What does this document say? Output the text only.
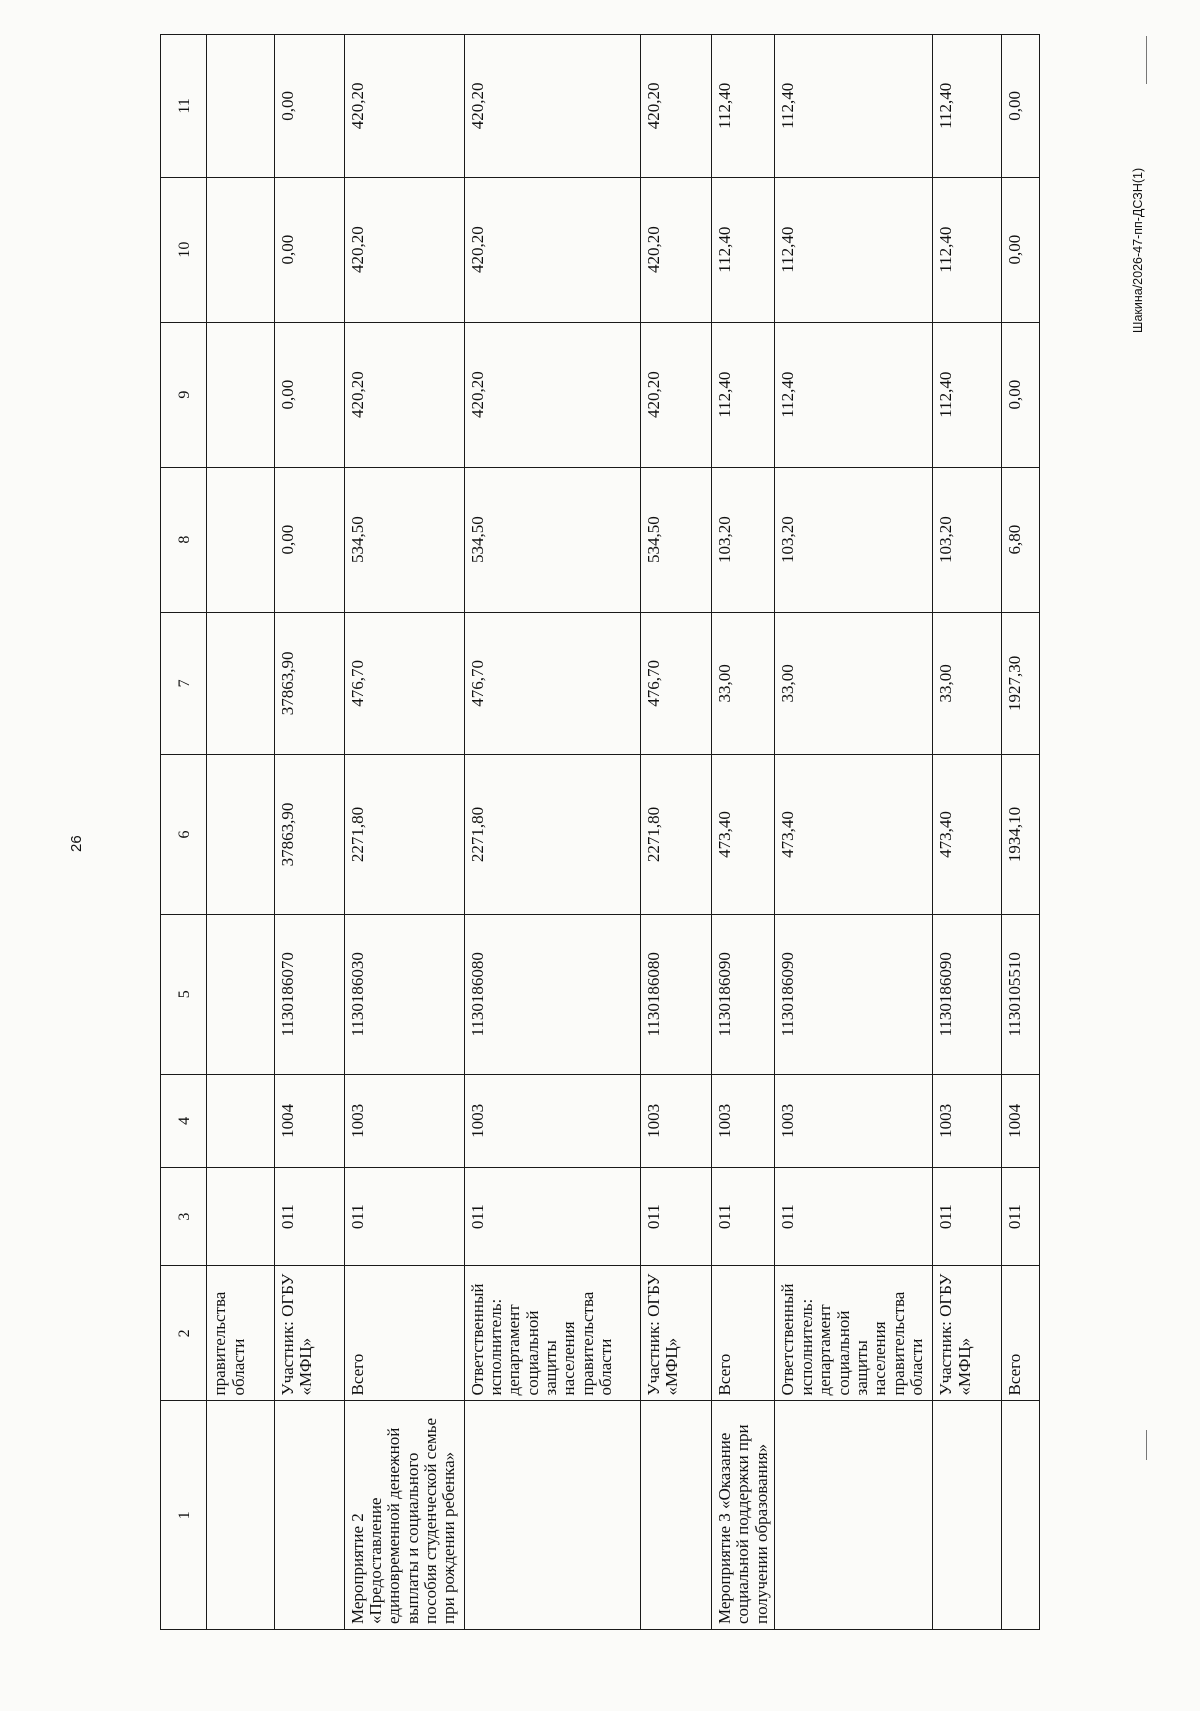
26
Шакина/2026-47-пп-ДСЗН(1)
1	2	3	4	5	6	7	8	9	10	11
	правительства области									
	Участник: ОГБУ «МФЦ»	011	1004	1130186070	37863,90	37863,90	0,00	0,00	0,00	0,00
Мероприятие 2 «Предоставление единовременной денежной выплаты и социального пособия студенческой семье при рождении ребенка»	Всего	011	1003	1130186030	2271,80	476,70	534,50	420,20	420,20	420,20
	Ответственный исполнитель: департамент социальной защиты населения правительства области	011	1003	1130186080	2271,80	476,70	534,50	420,20	420,20	420,20
	Участник: ОГБУ «МФЦ»	011	1003	1130186080	2271,80	476,70	534,50	420,20	420,20	420,20
Мероприятие 3 «Оказание социальной поддержки при получении образования»	Всего	011	1003	1130186090	473,40	33,00	103,20	112,40	112,40	112,40
	Ответственный исполнитель: департамент социальной защиты населения правительства области	011	1003	1130186090	473,40	33,00	103,20	112,40	112,40	112,40
	Участник: ОГБУ «МФЦ»	011	1003	1130186090	473,40	33,00	103,20	112,40	112,40	112,40
	Всего	011	1004	1130105510	1934,10	1927,30	6,80	0,00	0,00	0,00
